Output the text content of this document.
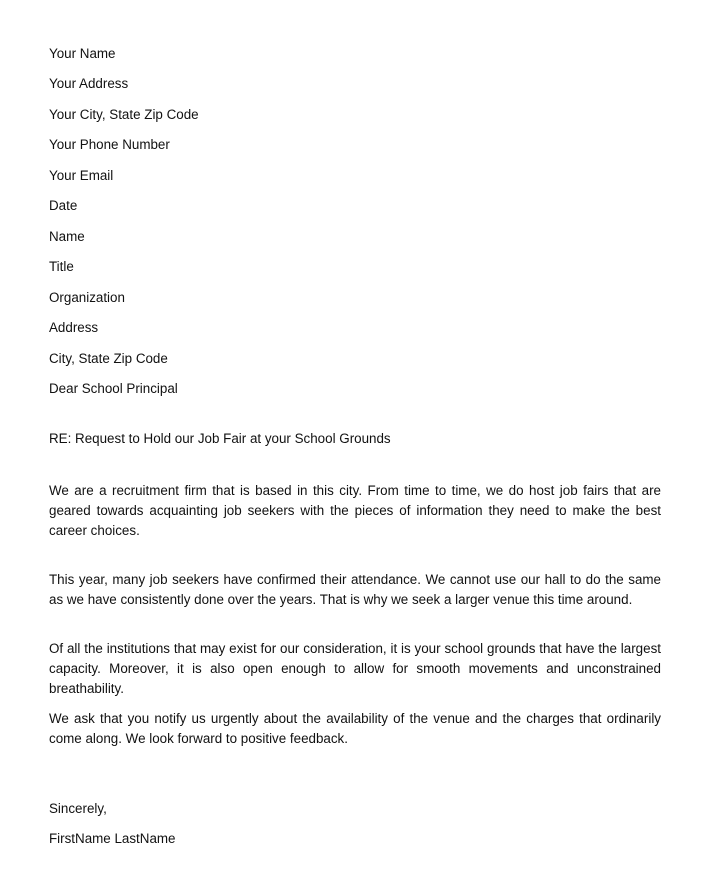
Your Name
Your Address
Your City, State Zip Code
Your Phone Number
Your Email
Date
Name
Title
Organization
Address
City, State Zip Code
Dear School Principal
RE: Request to Hold our Job Fair at your School Grounds
We are a recruitment firm that is based in this city. From time to time, we do host job fairs that are geared towards acquainting job seekers with the pieces of information they need to make the best career choices.
This year, many job seekers have confirmed their attendance. We cannot use our hall to do the same as we have consistently done over the years. That is why we seek a larger venue this time around.
Of all the institutions that may exist for our consideration, it is your school grounds that have the largest capacity. Moreover, it is also open enough to allow for smooth movements and unconstrained breathability.
We ask that you notify us urgently about the availability of the venue and the charges that ordinarily come along. We look forward to positive feedback.
Sincerely,
FirstName LastName
